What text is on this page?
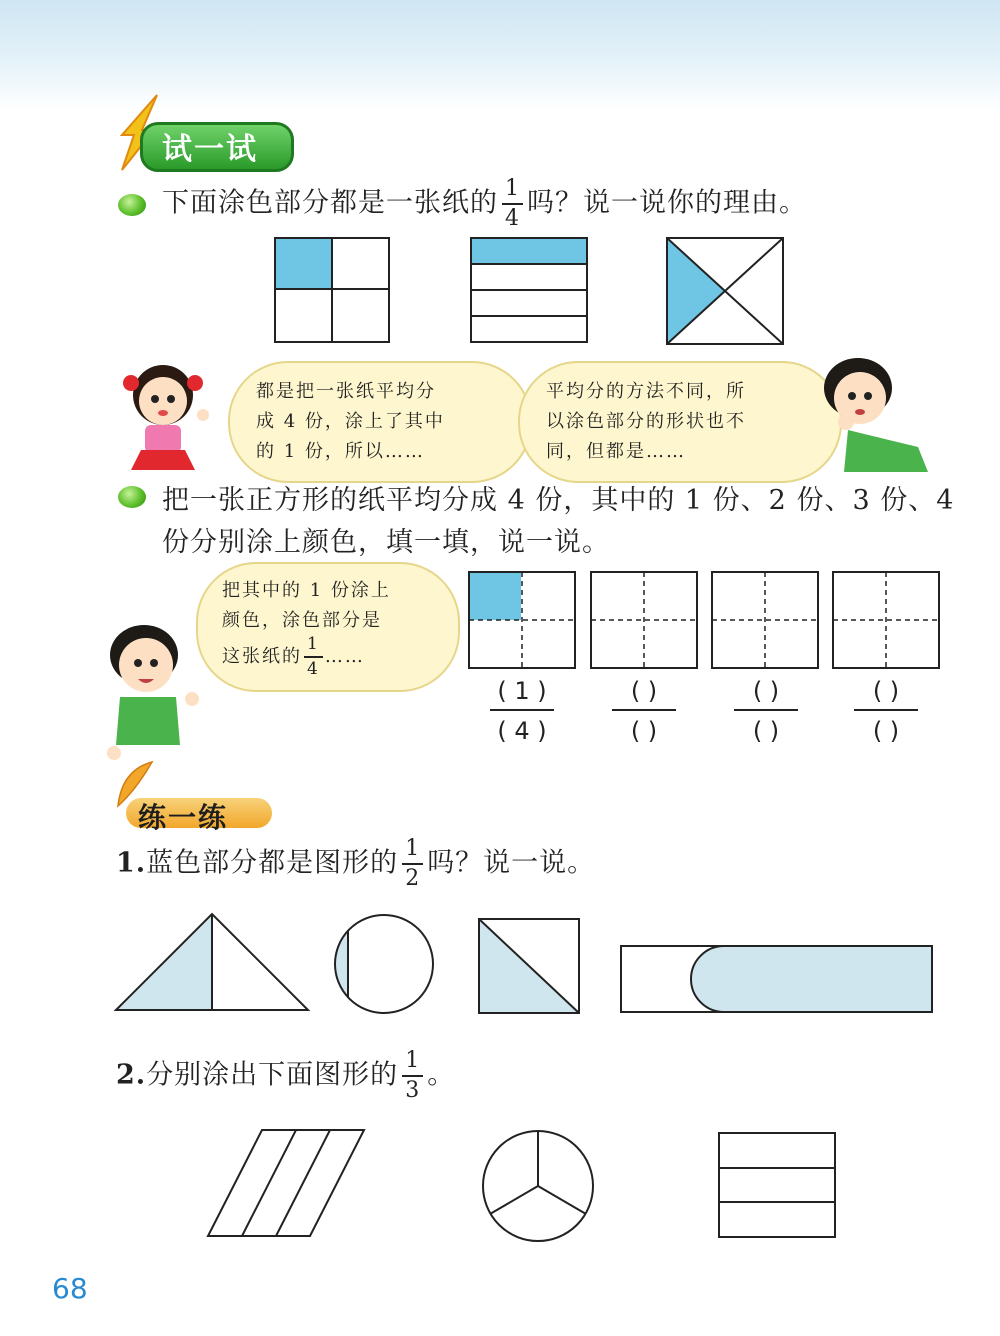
试一试
下面涂色部分都是一张纸的 $\frac{1}{4}$ 吗？说一说你的理由。
都是把一张纸平均分
成 4 份，涂上了其中
的 1 份，所以……
平均分的方法不同，所
以涂色部分的形状也不
同，但都是……
把一张正方形的纸平均分成 4 份，其中的 1 份、2 份、3 份、4
份分别涂上颜色，填一填，说一说。
把其中的 1 份涂上
颜色，涂色部分是
这张纸的 $\frac{1}{4}$ ……
( 1 )
( 4 )
( )
( )
( )
( )
( )
( )
练一练
1.蓝色部分都是图形的 $\frac{1}{2}$ 吗？说一说。
2.分别涂出下面图形的 $\frac{1}{3}$ 。
68
